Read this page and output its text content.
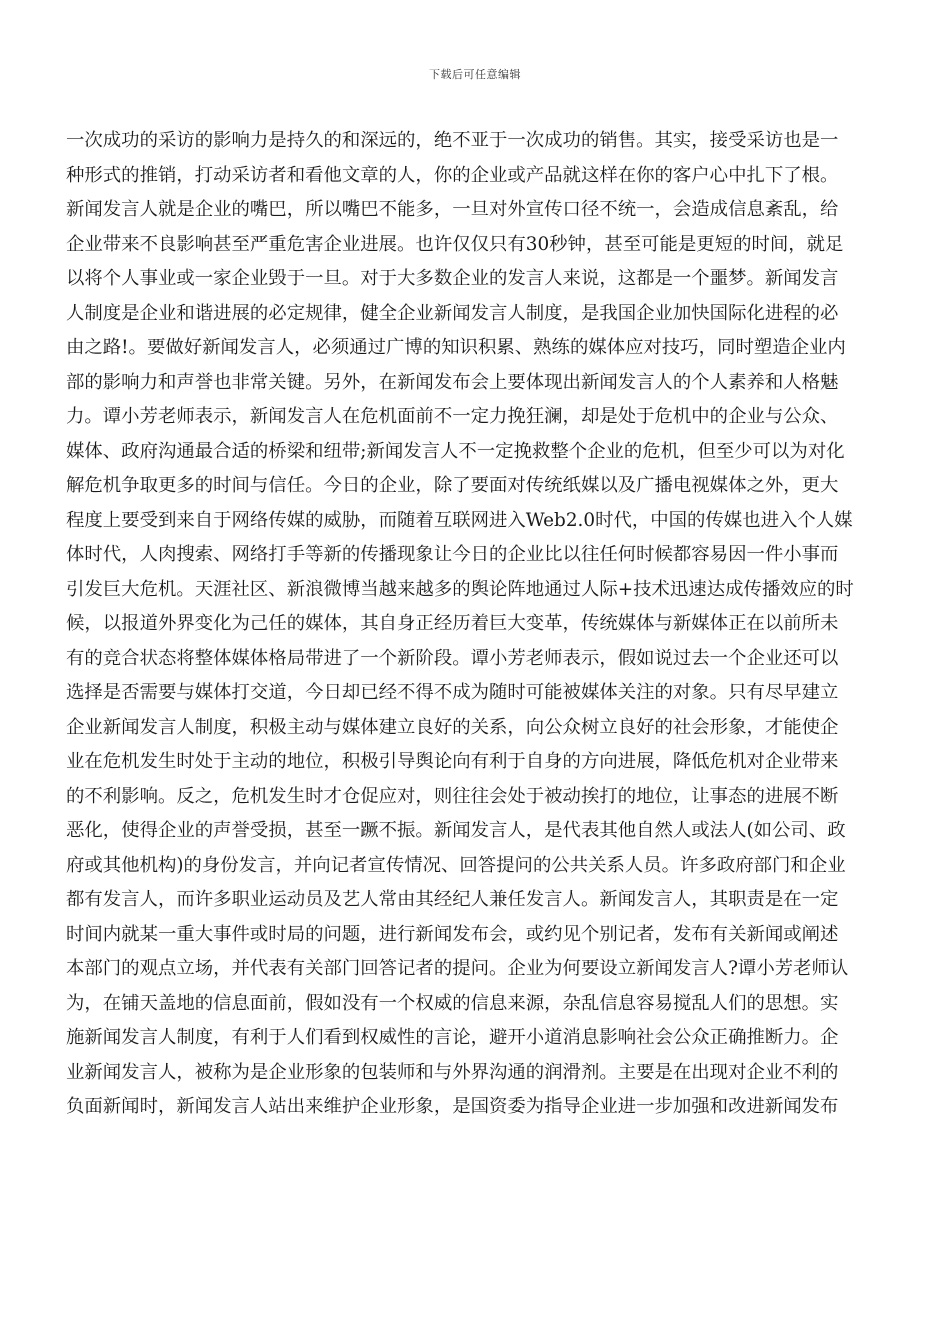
下载后可任意编辑
一次成功的采访的影响力是持久的和深远的，绝不亚于一次成功的销售。其实，接受采访也是一
种形式的推销，打动采访者和看他文章的人，你的企业或产品就这样在你的客户心中扎下了根。
新闻发言人就是企业的嘴巴，所以嘴巴不能多，一旦对外宣传口径不统一，会造成信息紊乱，给
企业带来不良影响甚至严重危害企业进展。也许仅仅只有30秒钟，甚至可能是更短的时间，就足
以将个人事业或一家企业毁于一旦。对于大多数企业的发言人来说，这都是一个噩梦。新闻发言
人制度是企业和谐进展的必定规律，健全企业新闻发言人制度，是我国企业加快国际化进程的必
由之路!。要做好新闻发言人，必须通过广博的知识积累、熟练的媒体应对技巧，同时塑造企业内
部的影响力和声誉也非常关键。另外，在新闻发布会上要体现出新闻发言人的个人素养和人格魅
力。谭小芳老师表示，新闻发言人在危机面前不一定力挽狂澜，却是处于危机中的企业与公众、
媒体、政府沟通最合适的桥梁和纽带;新闻发言人不一定挽救整个企业的危机，但至少可以为对化
解危机争取更多的时间与信任。今日的企业，除了要面对传统纸媒以及广播电视媒体之外，更大
程度上要受到来自于网络传媒的威胁，而随着互联网进入Web2.0时代，中国的传媒也进入个人媒
体时代，人肉搜索、网络打手等新的传播现象让今日的企业比以往任何时候都容易因一件小事而
引发巨大危机。天涯社区、新浪微博当越来越多的舆论阵地通过人际+技术迅速达成传播效应的时
候，以报道外界变化为己任的媒体，其自身正经历着巨大变革，传统媒体与新媒体正在以前所未
有的竞合状态将整体媒体格局带进了一个新阶段。谭小芳老师表示，假如说过去一个企业还可以
选择是否需要与媒体打交道，今日却已经不得不成为随时可能被媒体关注的对象。只有尽早建立
企业新闻发言人制度，积极主动与媒体建立良好的关系，向公众树立良好的社会形象，才能使企
业在危机发生时处于主动的地位，积极引导舆论向有利于自身的方向进展，降低危机对企业带来
的不利影响。反之，危机发生时才仓促应对，则往往会处于被动挨打的地位，让事态的进展不断
恶化，使得企业的声誉受损，甚至一蹶不振。新闻发言人，是代表其他自然人或法人(如公司、政
府或其他机构)的身份发言，并向记者宣传情况、回答提问的公共关系人员。许多政府部门和企业
都有发言人，而许多职业运动员及艺人常由其经纪人兼任发言人。新闻发言人，其职责是在一定
时间内就某一重大事件或时局的问题，进行新闻发布会，或约见个别记者，发布有关新闻或阐述
本部门的观点立场，并代表有关部门回答记者的提问。企业为何要设立新闻发言人?谭小芳老师认
为，在铺天盖地的信息面前，假如没有一个权威的信息来源，杂乱信息容易搅乱人们的思想。实
施新闻发言人制度，有利于人们看到权威性的言论，避开小道消息影响社会公众正确推断力。企
业新闻发言人，被称为是企业形象的包装师和与外界沟通的润滑剂。主要是在出现对企业不利的
负面新闻时，新闻发言人站出来维护企业形象，是国资委为指导企业进一步加强和改进新闻发布
